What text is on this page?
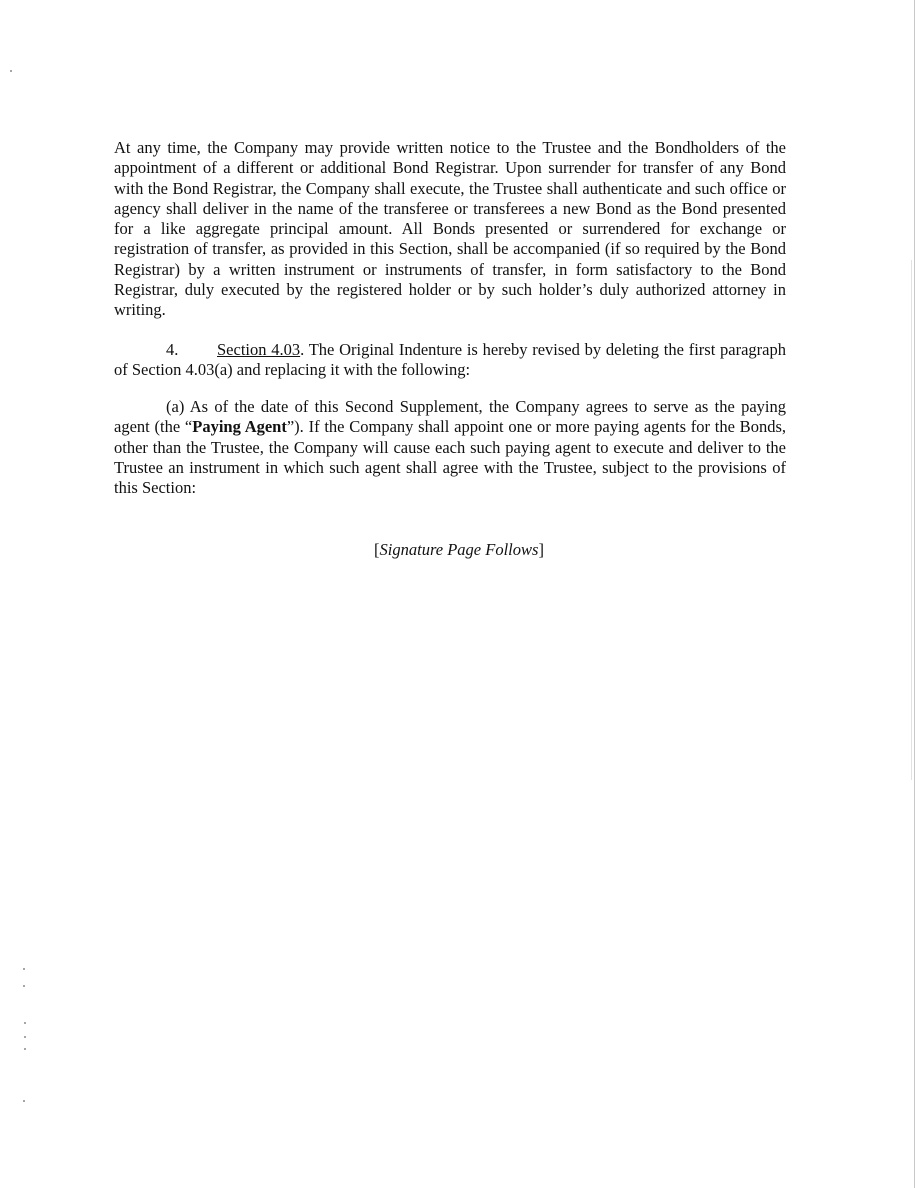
At any time, the Company may provide written notice to the Trustee and the Bondholders of the appointment of a different or additional Bond Registrar. Upon surrender for transfer of any Bond with the Bond Registrar, the Company shall execute, the Trustee shall authenticate and such office or agency shall deliver in the name of the transferee or transferees a new Bond as the Bond presented for a like aggregate principal amount. All Bonds presented or surrendered for exchange or registration of transfer, as provided in this Section, shall be accompanied (if so required by the Bond Registrar) by a written instrument or instruments of transfer, in form satisfactory to the Bond Registrar, duly executed by the registered holder or by such holder’s duly authorized attorney in writing.

4. Section 4.03. The Original Indenture is hereby revised by deleting the first paragraph of Section 4.03(a) and replacing it with the following:

(a) As of the date of this Second Supplement, the Company agrees to serve as the paying agent (the “Paying Agent”). If the Company shall appoint one or more paying agents for the Bonds, other than the Trustee, the Company will cause each such paying agent to execute and deliver to the Trustee an instrument in which such agent shall agree with the Trustee, subject to the provisions of this Section:

[Signature Page Follows]
